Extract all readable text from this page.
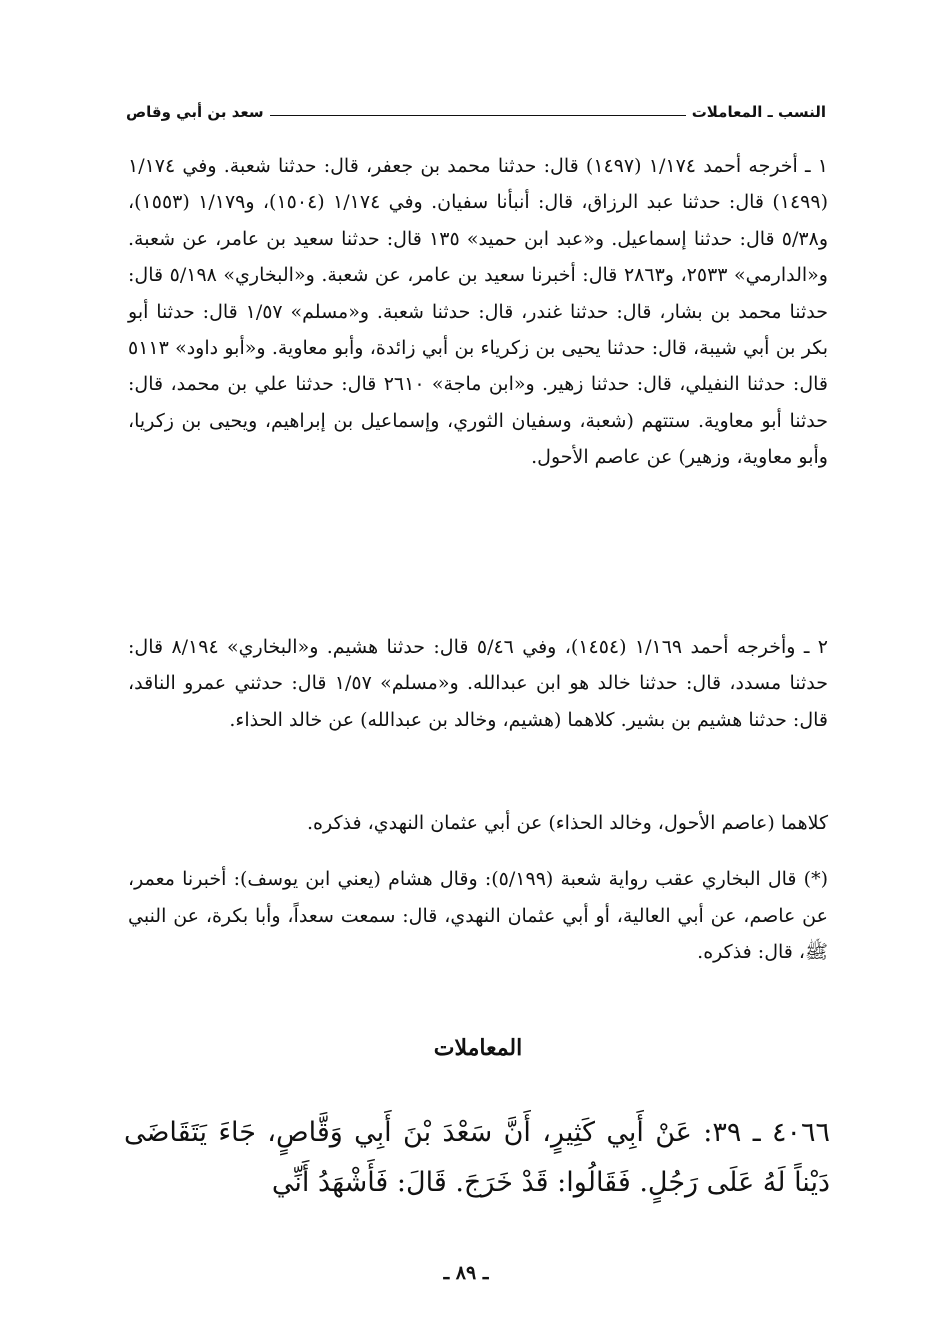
النسب ـ المعاملات
سعد بن أبي وقاص

١ ـ أخرجه أحمد ١/١٧٤ (١٤٩٧) قال: حدثنا محمد بن جعفر، قال: حدثنا شعبة. وفي ١/١٧٤ (١٤٩٩) قال: حدثنا عبد الرزاق، قال: أنبأنا سفيان. وفي ١/١٧٤ (١٥٠٤)، و١/١٧٩ (١٥٥٣)، و٥/٣٨ قال: حدثنا إسماعيل. و«عبد ابن حميد» ١٣٥ قال: حدثنا سعيد بن عامر، عن شعبة. و«الدارمي» ٢٥٣٣، و٢٨٦٣ قال: أخبرنا سعيد بن عامر، عن شعبة. و«البخاري» ٥/١٩٨ قال: حدثنا محمد بن بشار، قال: حدثنا غندر، قال: حدثنا شعبة. و«مسلم» ١/٥٧ قال: حدثنا أبو بكر بن أبي شيبة، قال: حدثنا يحيى بن زكرياء بن أبي زائدة، وأبو معاوية. و«أبو داود» ٥١١٣ قال: حدثنا النفيلي، قال: حدثنا زهير. و«ابن ماجة» ٢٦١٠ قال: حدثنا علي بن محمد، قال: حدثنا أبو معاوية. ستتهم (شعبة، وسفيان الثوري، وإسماعيل بن إبراهيم، ويحيى بن زكريا، وأبو معاوية، وزهير) عن عاصم الأحول.

٢ ـ وأخرجه أحمد ١/١٦٩ (١٤٥٤)، وفي ٥/٤٦ قال: حدثنا هشيم. و«البخاري» ٨/١٩٤ قال: حدثنا مسدد، قال: حدثنا خالد هو ابن عبدالله. و«مسلم» ١/٥٧ قال: حدثني عمرو الناقد، قال: حدثنا هشيم بن بشير. كلاهما (هشيم، وخالد بن عبدالله) عن خالد الحذاء.

كلاهما (عاصم الأحول، وخالد الحذاء) عن أبي عثمان النهدي، فذكره.

(*) قال البخاري عقب رواية شعبة (٥/١٩٩): وقال هشام (يعني ابن يوسف): أخبرنا معمر، عن عاصم، عن أبي العالية، أو أبي عثمان النهدي، قال: سمعت سعداً، وأبا بكرة، عن النبي ﷺ، قال: فذكره.

المعاملات
٤٠٦٦ ـ ٣٩: عَنْ أَبِي كَثِيرٍ، أَنَّ سَعْدَ بْنَ أَبِي وَقَّاصٍ، جَاءَ يَتَقَاضَى دَيْناً لَهُ عَلَى رَجُلٍ. فَقَالُوا: قَدْ خَرَجَ. قَالَ: فَأَشْهَدُ أَنِّي
ـ ٨٩ ـ
